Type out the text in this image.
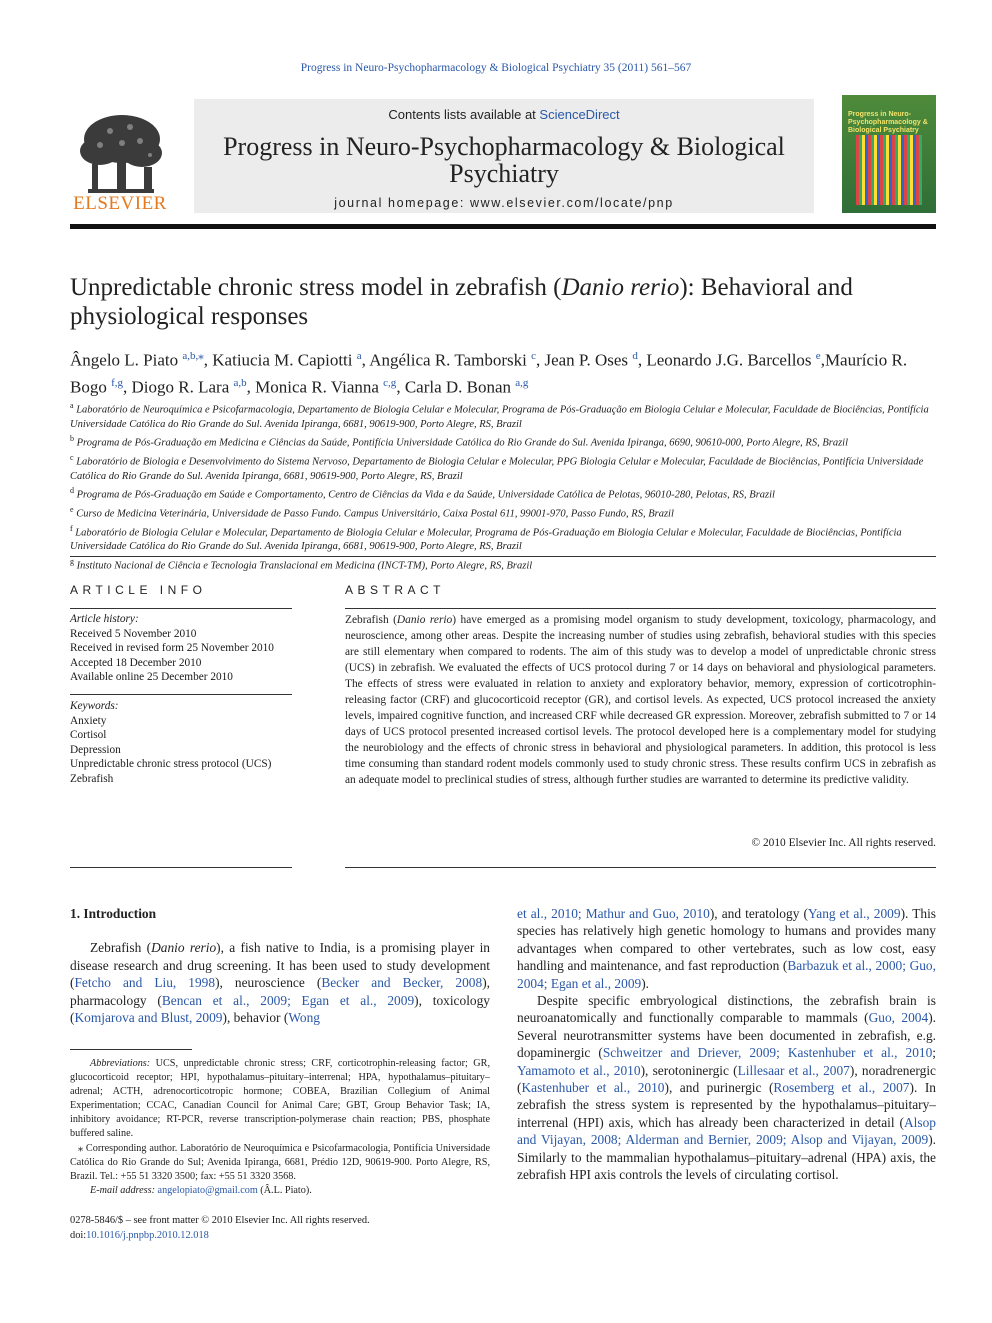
Progress in Neuro-Psychopharmacology & Biological Psychiatry 35 (2011) 561–567
ELSEVIER
Contents lists available at ScienceDirect
Progress in Neuro-Psychopharmacology & Biological Psychiatry
journal homepage: www.elsevier.com/locate/pnp
Progress in Neuro-Psychopharmacology & Biological Psychiatry
Unpredictable chronic stress model in zebrafish (Danio rerio): Behavioral and physiological responses
Ângelo L. Piato $^{a,b,⁎}$, Katiucia M. Capiotti $^a$, Angélica R. Tamborski $^c$, Jean P. Oses $^d$, Leonardo J.G. Barcellos $^e$,Maurício R. Bogo $^{f,g}$, Diogo R. Lara $^{a,b}$, Monica R. Vianna $^{c,g}$, Carla D. Bonan $^{a,g}$
$^a$ Laboratório de Neuroquímica e Psicofarmacologia, Departamento de Biologia Celular e Molecular, Programa de Pós-Graduação em Biologia Celular e Molecular, Faculdade de Biociências, Pontifícia Universidade Católica do Rio Grande do Sul. Avenida Ipiranga, 6681, 90619-900, Porto Alegre, RS, Brazil
$^b$ Programa de Pós-Graduação em Medicina e Ciências da Saúde, Pontifícia Universidade Católica do Rio Grande do Sul. Avenida Ipiranga, 6690, 90610-000, Porto Alegre, RS, Brazil
$^c$ Laboratório de Biologia e Desenvolvimento do Sistema Nervoso, Departamento de Biologia Celular e Molecular, PPG Biologia Celular e Molecular, Faculdade de Biociências, Pontifícia Universidade Católica do Rio Grande do Sul. Avenida Ipiranga, 6681, 90619-900, Porto Alegre, RS, Brazil
$^d$ Programa de Pós-Graduação em Saúde e Comportamento, Centro de Ciências da Vida e da Saúde, Universidade Católica de Pelotas, 96010-280, Pelotas, RS, Brazil
$^e$ Curso de Medicina Veterinária, Universidade de Passo Fundo. Campus Universitário, Caixa Postal 611, 99001-970, Passo Fundo, RS, Brazil
$^f$ Laboratório de Biologia Celular e Molecular, Departamento de Biologia Celular e Molecular, Programa de Pós-Graduação em Biologia Celular e Molecular, Faculdade de Biociências, Pontifícia Universidade Católica do Rio Grande do Sul. Avenida Ipiranga, 6681, 90619-900, Porto Alegre, RS, Brazil
$^g$ Instituto Nacional de Ciência e Tecnologia Translacional em Medicina (INCT-TM), Porto Alegre, RS, Brazil
ARTICLE INFO	ABSTRACT
Article history:
Received 5 November 2010
Received in revised form 25 November 2010
Accepted 18 December 2010
Available online 25 December 2010
Keywords:
Anxiety
Cortisol
Depression
Unpredictable chronic stress protocol (UCS)
Zebrafish
Zebrafish (Danio rerio) have emerged as a promising model organism to study development, toxicology, pharmacology, and neuroscience, among other areas. Despite the increasing number of studies using zebrafish, behavioral studies with this species are still elementary when compared to rodents. The aim of this study was to develop a model of unpredictable chronic stress (UCS) in zebrafish. We evaluated the effects of UCS protocol during 7 or 14 days on behavioral and physiological parameters. The effects of stress were evaluated in relation to anxiety and exploratory behavior, memory, expression of corticotrophin-releasing factor (CRF) and glucocorticoid receptor (GR), and cortisol levels. As expected, UCS protocol increased the anxiety levels, impaired cognitive function, and increased CRF while decreased GR expression. Moreover, zebrafish submitted to 7 or 14 days of UCS protocol presented increased cortisol levels. The protocol developed here is a complementary model for studying the neurobiology and the effects of chronic stress in behavioral and physiological parameters. In addition, this protocol is less time consuming than standard rodent models commonly used to study chronic stress. These results confirm UCS in zebrafish as an adequate model to preclinical studies of stress, although further studies are warranted to determine its predictive validity.
© 2010 Elsevier Inc. All rights reserved.

1. Introduction

Zebrafish (Danio rerio), a fish native to India, is a promising player in disease research and drug screening. It has been used to study development (Fetcho and Liu, 1998), neuroscience (Becker and Becker, 2008), pharmacology (Bencan et al., 2009; Egan et al., 2009), toxicology (Komjarova and Blust, 2009), behavior (Wong

Abbreviations: UCS, unpredictable chronic stress; CRF, corticotrophin-releasing factor; GR, glucocorticoid receptor; HPI, hypothalamus–pituitary–interrenal; HPA, hypothalamus–pituitary–adrenal; ACTH, adrenocorticotropic hormone; COBEA, Brazilian Collegium of Animal Experimentation; CCAC, Canadian Council for Animal Care; GBT, Group Behavior Task; IA, inhibitory avoidance; RT-PCR, reverse transcription-polymerase chain reaction; PBS, phosphate buffered saline.
⁎ Corresponding author. Laboratório de Neuroquímica e Psicofarmacologia, Pontifícia Universidade Católica do Rio Grande do Sul; Avenida Ipiranga, 6681, Prédio 12D, 90619-900. Porto Alegre, RS, Brazil. Tel.: +55 51 3320 3500; fax: +55 51 3320 3568.
E-mail address: angelopiato@gmail.com (Â.L. Piato).
0278-5846/$ – see front matter © 2010 Elsevier Inc. All rights reserved.
doi:10.1016/j.pnpbp.2010.12.018

et al., 2010; Mathur and Guo, 2010), and teratology (Yang et al., 2009). This species has relatively high genetic homology to humans and provides many advantages when compared to other vertebrates, such as low cost, easy handling and maintenance, and fast reproduction (Barbazuk et al., 2000; Guo, 2004; Egan et al., 2009).

Despite specific embryological distinctions, the zebrafish brain is neuroanatomically and functionally comparable to mammals (Guo, 2004). Several neurotransmitter systems have been documented in zebrafish, e.g. dopaminergic (Schweitzer and Driever, 2009; Kastenhuber et al., 2010; Yamamoto et al., 2010), serotoninergic (Lillesaar et al., 2007), noradrenergic (Kastenhuber et al., 2010), and purinergic (Rosemberg et al., 2007). In zebrafish the stress system is represented by the hypothalamus–pituitary–interrenal (HPI) axis, which has already been characterized in detail (Alsop and Vijayan, 2008; Alderman and Bernier, 2009; Alsop and Vijayan, 2009). Similarly to the mammalian hypothalamus–pituitary–adrenal (HPA) axis, the zebrafish HPI axis controls the levels of circulating cortisol.
